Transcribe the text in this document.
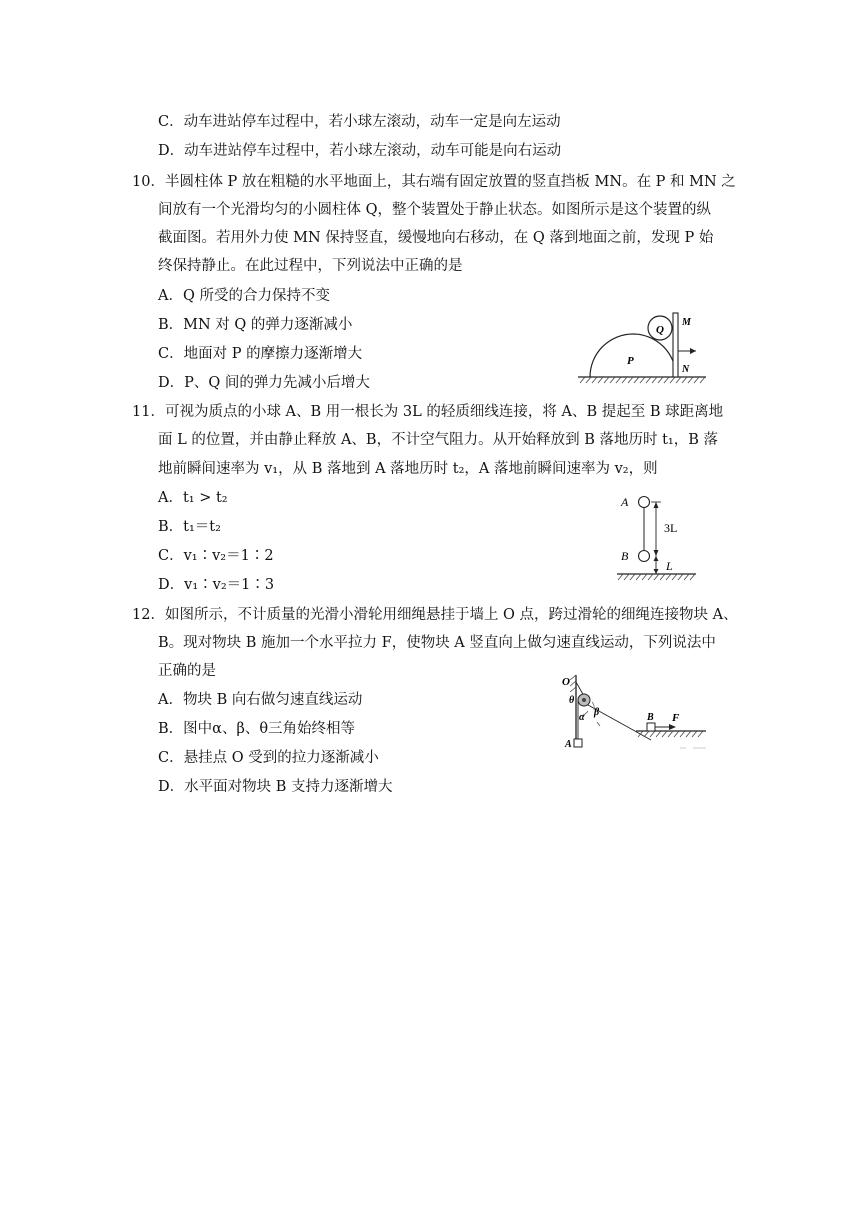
C．动车进站停车过程中，若小球左滚动，动车一定是向左运动
D．动车进站停车过程中，若小球左滚动，动车可能是向右运动
10．半圆柱体 P 放在粗糙的水平地面上，其右端有固定放置的竖直挡板 MN。在 P 和 MN 之
间放有一个光滑均匀的小圆柱体 Q，整个装置处于静止状态。如图所示是这个装置的纵
截面图。若用外力使 MN 保持竖直，缓慢地向右移动，在 Q 落到地面之前，发现 P 始
终保持静止。在此过程中，下列说法中正确的是
A．Q 所受的合力保持不变
B．MN 对 Q 的弹力逐渐减小
C．地面对 P 的摩擦力逐渐增大
D．P、Q 间的弹力先减小后增大
Q
P
M
N
11．可视为质点的小球 A、B 用一根长为 3L 的轻质细线连接，将 A、B 提起至 B 球距离地
面 L 的位置，并由静止释放 A、B，不计空气阻力。从开始释放到 B 落地历时 t₁，B 落
地前瞬间速率为 v₁，从 B 落地到 A 落地历时 t₂，A 落地前瞬间速率为 v₂，则
A．t₁ > t₂
B．t₁＝t₂
C．v₁∶v₂＝1∶2
D．v₁∶v₂＝1∶3
A
B
3L
L
12．如图所示，不计质量的光滑小滑轮用细绳悬挂于墙上 O 点，跨过滑轮的细绳连接物块 A、
B。现对物块 B 施加一个水平拉力 F，使物块 A 竖直向上做匀速直线运动，下列说法中
正确的是
A．物块 B 向右做匀速直线运动
B．图中α、β、θ三角始终相等
C．悬挂点 O 受到的拉力逐渐减小
D．水平面对物块 B 支持力逐渐增大
O
θ
α β
A
B F
